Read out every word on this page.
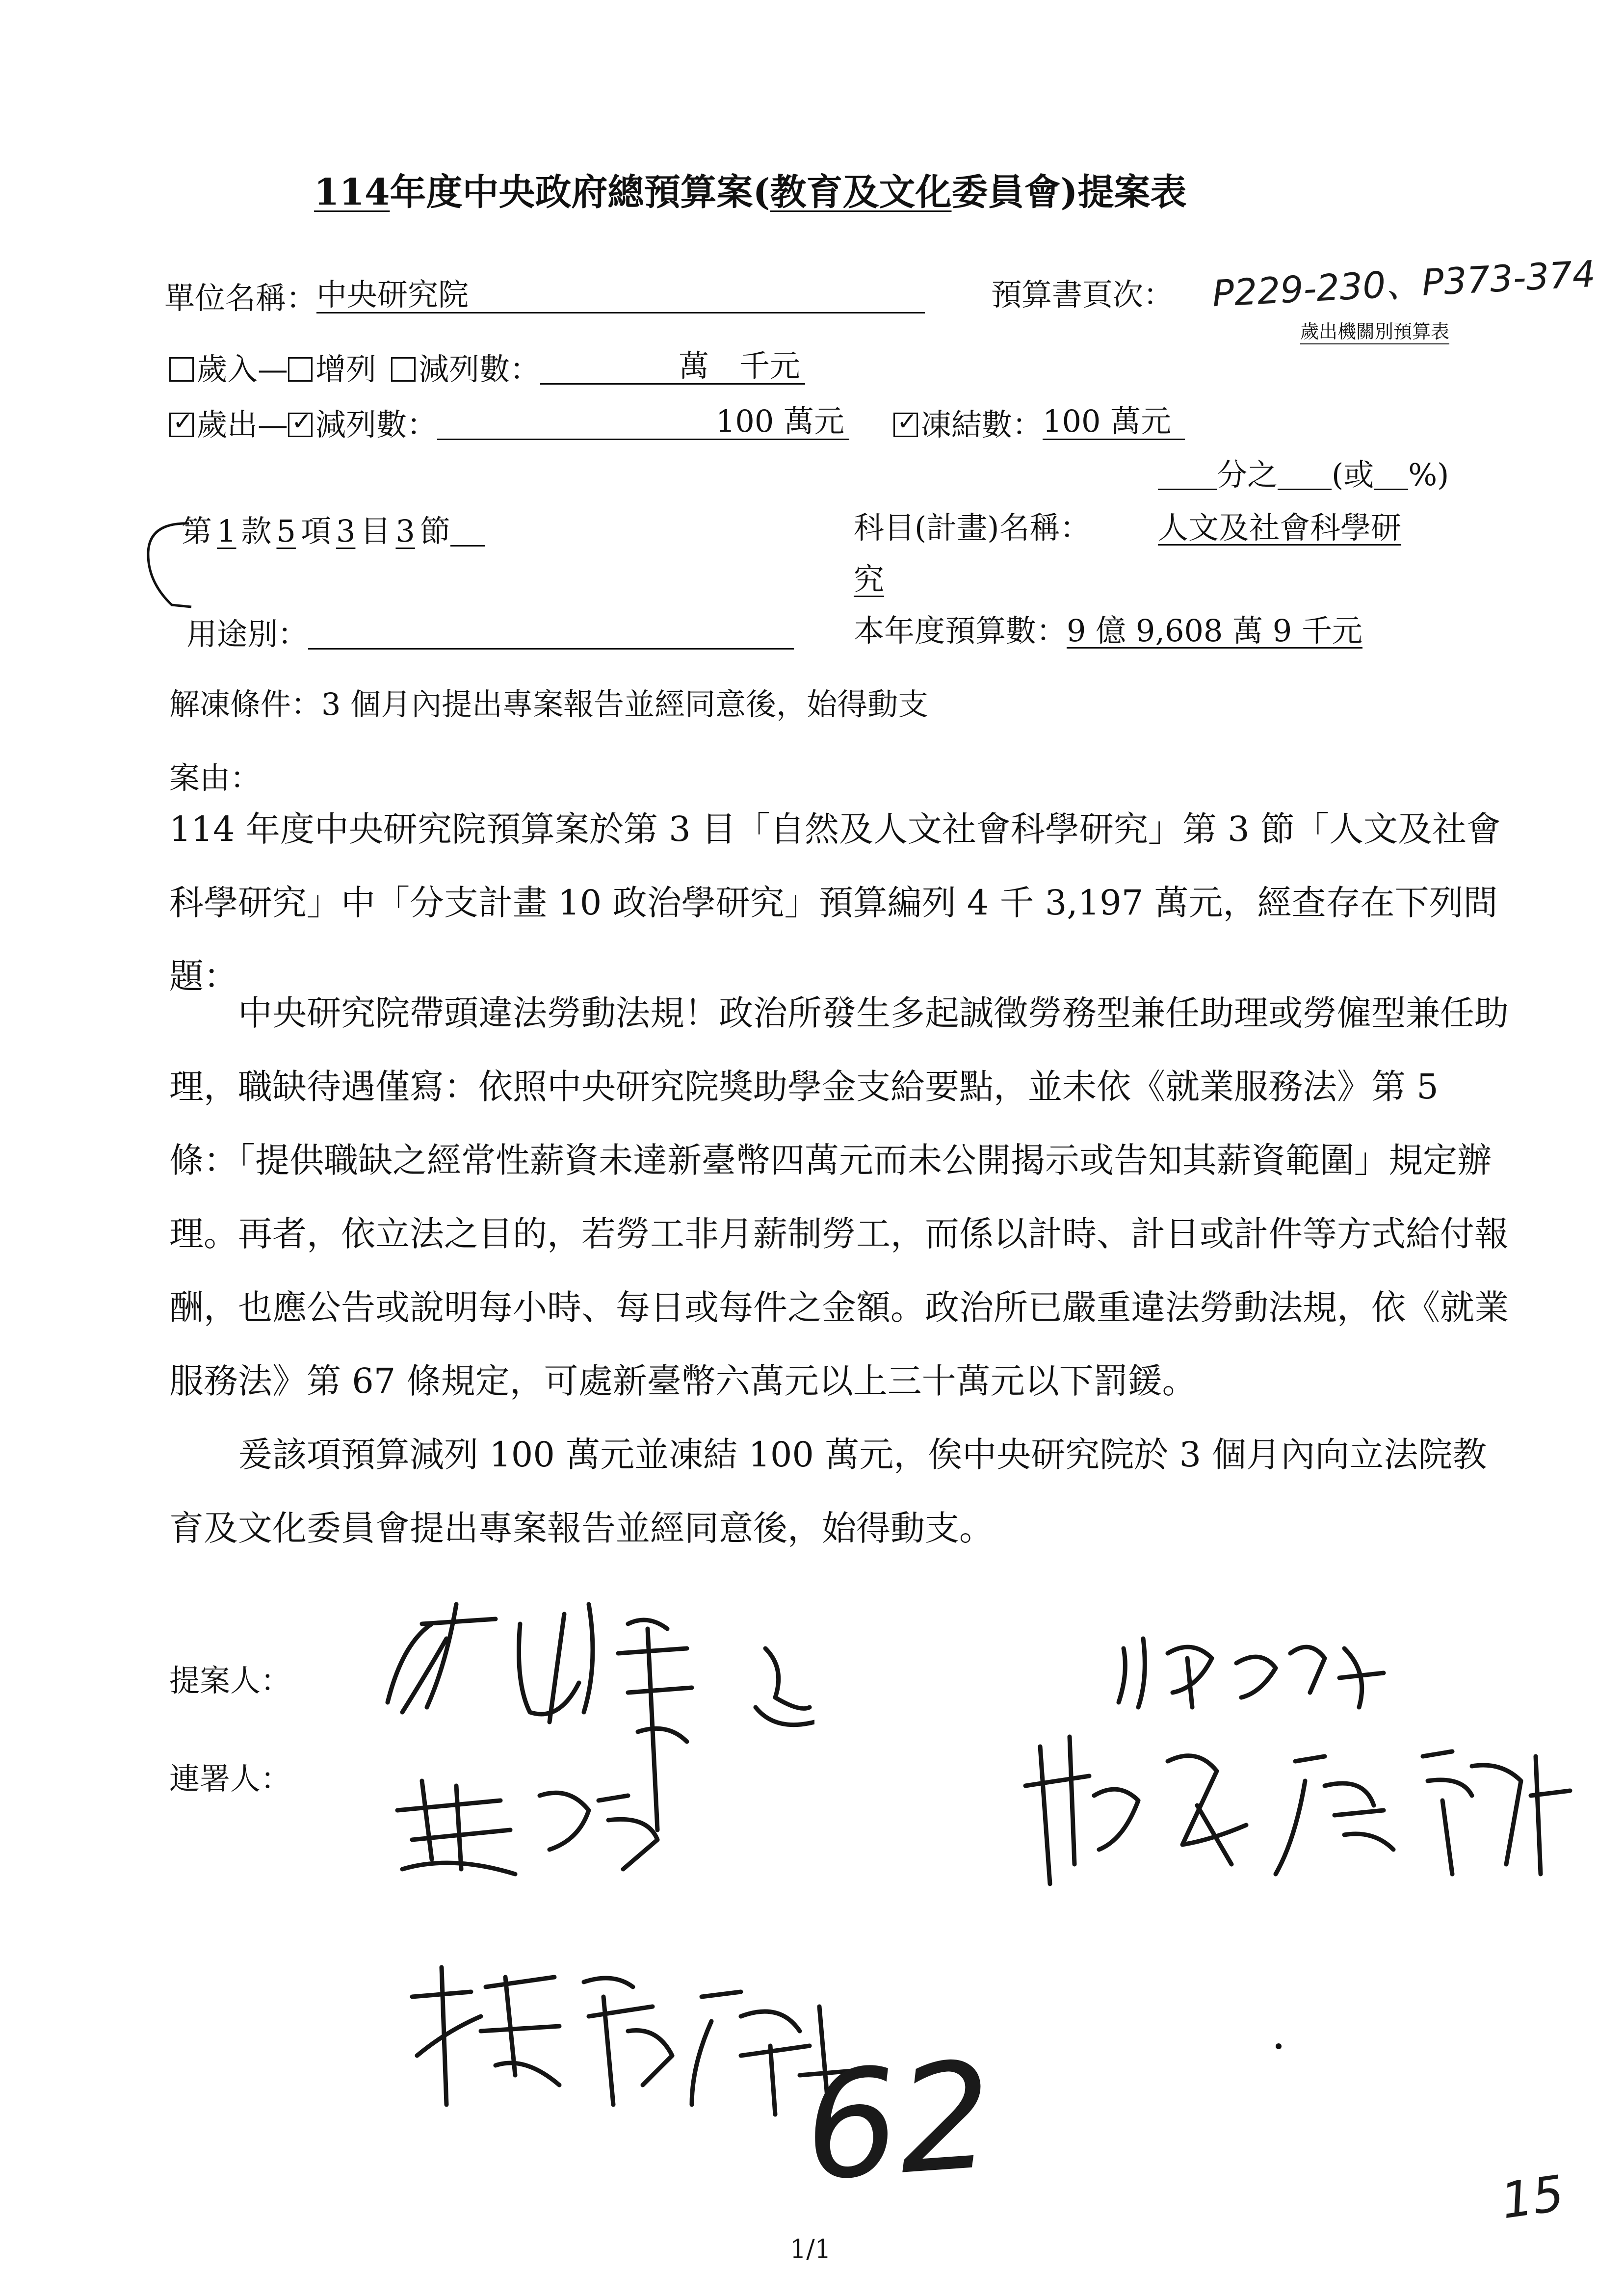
114年度中央政府總預算案(教育及文化委員會)提案表
單位名稱：中央研究院	預算書頁次： P229-230、P373-374
歲出機關別預算表
歲入— 增列 減列數：	萬　千元
✓歲出— ✓ 減列數：	100 萬元 ✓	凍結數：100 萬元
分之 (或 %)
第 1 款 5 項 3 目 3 節	科目(計畫)名稱： 人文及社會科學研
究
用途別：	本年度預算數：9 億 9,608 萬 9 千元
解凍條件：3 個月內提出專案報告並經同意後，始得動支
案由：
114 年度中央研究院預算案於第 3 目「自然及人文社會科學研究」第 3 節「人文及社會科學研究」中「分支計畫 10 政治學研究」預算編列 4 千 3,197 萬元，經查存在下列問題：
中央研究院帶頭違法勞動法規！政治所發生多起誠徵勞務型兼任助理或勞僱型兼任助理，職缺待遇僅寫：依照中央研究院獎助學金支給要點，並未依《就業服務法》第 5 條：「提供職缺之經常性薪資未達新臺幣四萬元而未公開揭示或告知其薪資範圍」規定辦理。 再者，依立法之目的，若勞工非月薪制勞工，而係以計時、計日或計件等方式給付報酬，也應公告或說明每小時、每日或每件之金額。政治所已嚴重違法勞動法規，依《就業服務法》第 67 條規定，可處新臺幣六萬元以上三十萬元以下罰鍰。
爰該項預算減列 100 萬元並凍結 100 萬元，俟中央研究院於 3 個月內向立法院教育及文化委員會提出專案報告並經同意後，始得動支。
提案人：
連署人：
62	15
1/1
